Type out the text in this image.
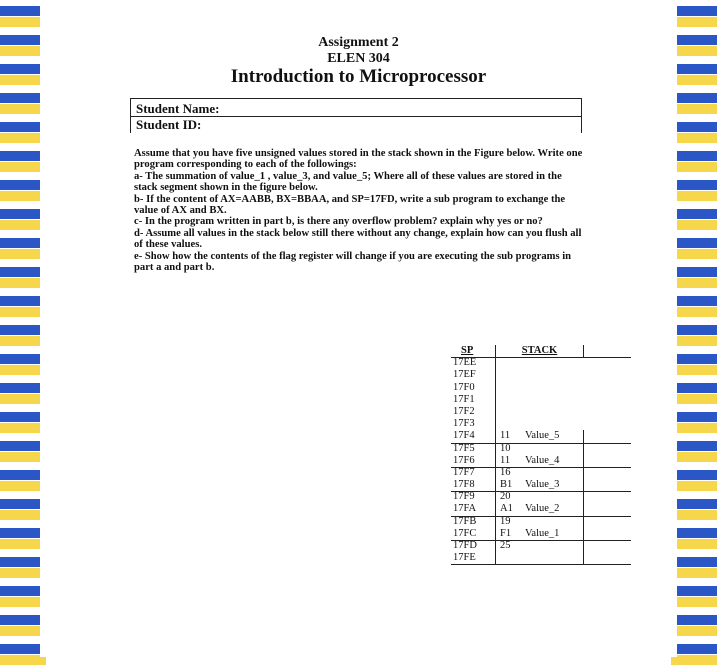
Assignment 2
ELEN 304
Introduction to Microprocessor
Student Name:
Student ID:

Assume that you have five unsigned values stored in the stack shown in the Figure below. Write one program corresponding to each of the followings:

a- The summation of value_1 , value_3, and value_5; Where all of these values are stored in the stack segment shown in the figure below.

b- If the content of AX=AABB, BX=BBAA, and SP=17FD, write a sub program to exchange the value of AX and BX.

c- In the program written in part b, is there any overflow problem? explain why yes or no?

d- Assume all values in the stack below still there without any change, explain how can you flush all of these values.

e- Show how the contents of the flag register will change if you are executing the sub programs in part a and part b.

SP	STACK
17EE
17EF
17F0
17F1
17F2
17F3
17F4	11 Value_5
17F5	10
17F6	11 Value_4
17F7	16
17F8	B1 Value_3
17F9	20
17FA	A1 Value_2
17FB	19
17FC	F1 Value_1
17FD	25
17FE
